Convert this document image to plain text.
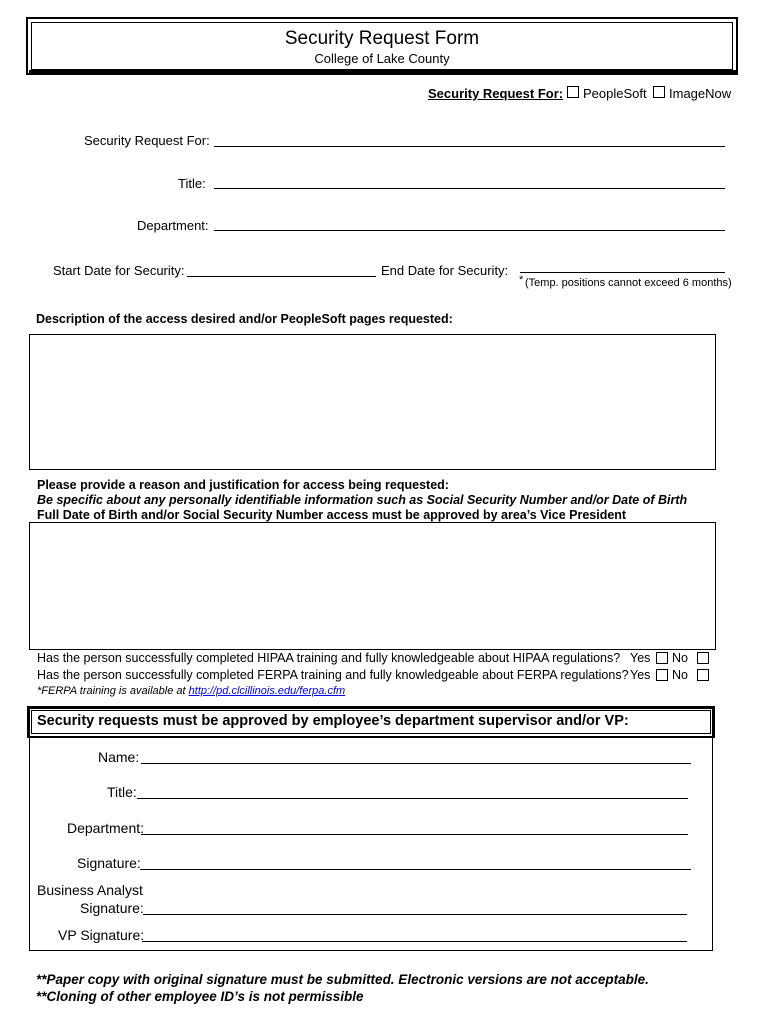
Security Request Form
College of Lake County
Security Request For: PeopleSoft ImageNow
Security Request For:
Title:
Department:
Start Date for Security:	End Date for Security:
* (Temp. positions cannot exceed 6 months)
Description of the access desired and/or PeopleSoft pages requested:
Please provide a reason and justification for access being requested:
Be specific about any personally identifiable information such as Social Security Number and/or Date of Birth
Full Date of Birth and/or Social Security Number access must be approved by area’s Vice President
Has the person successfully completed HIPAA training and fully knowledgeable about HIPAA regulations? Yes No
Has the person successfully completed FERPA training and fully knowledgeable about FERPA regulations? Yes No
*FERPA training is available at http://pd.clcillinois.edu/ferpa.cfm
Security requests must be approved by employee’s department supervisor and/or VP:
Name:
Title:
Department:
Signature:
Business Analyst
Signature:
VP Signature:
**Paper copy with original signature must be submitted. Electronic versions are not acceptable.
**Cloning of other employee ID’s is not permissible
